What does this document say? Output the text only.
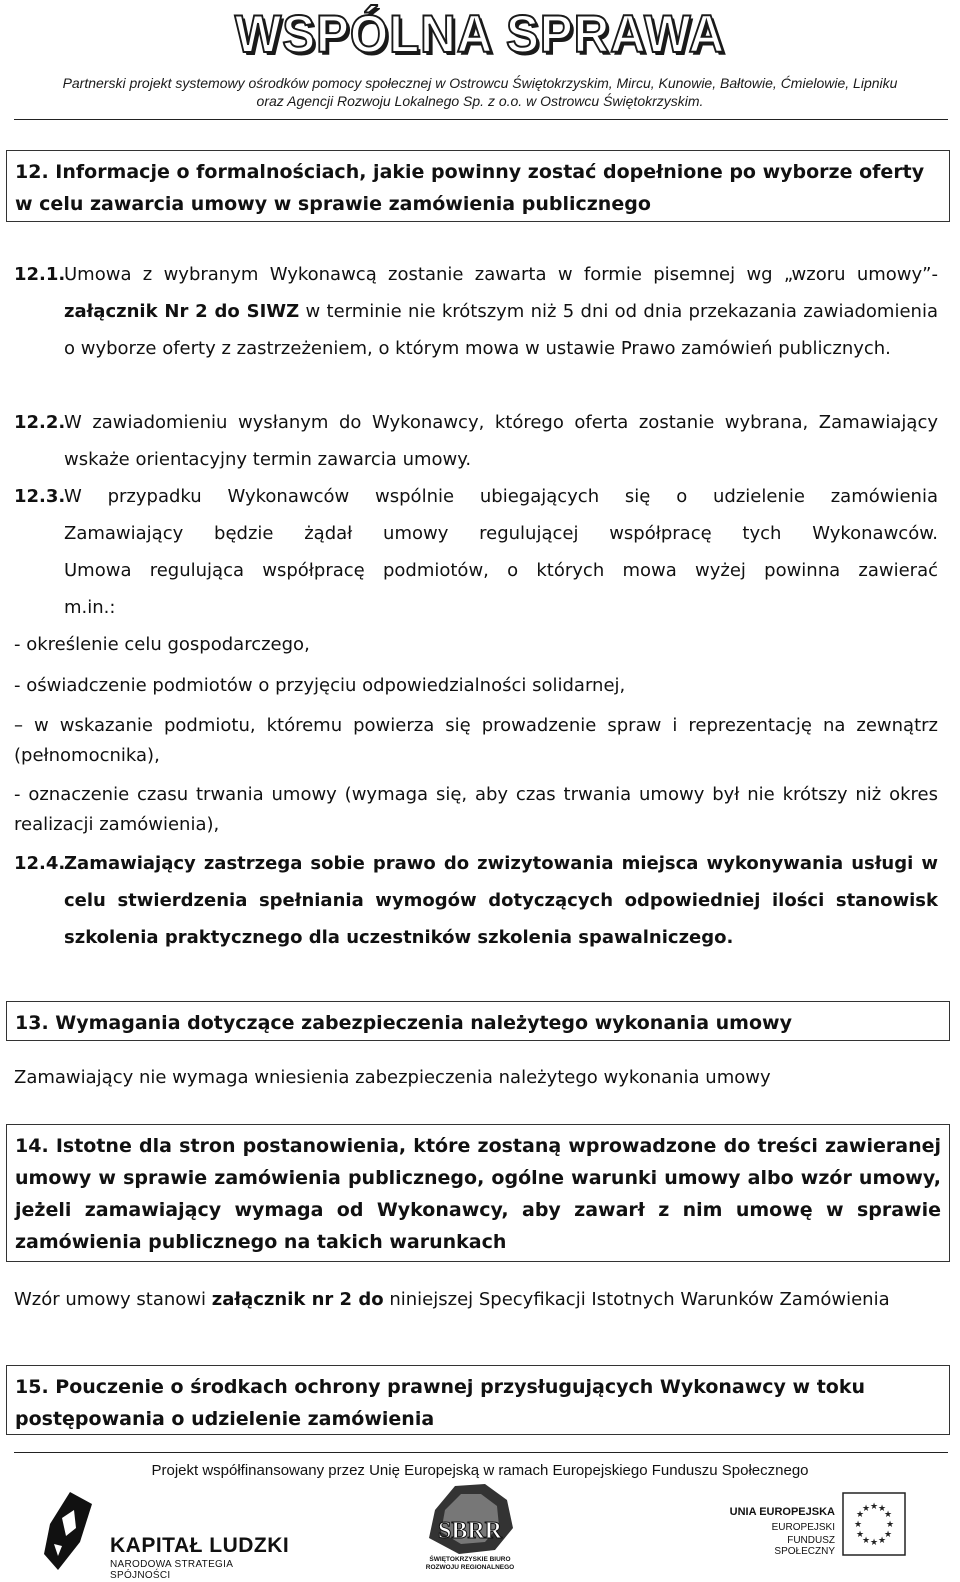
WSPÓLNA SPRAWA
Partnerski projekt systemowy ośrodków pomocy społecznej w Ostrowcu Świętokrzyskim, Mircu, Kunowie, Bałtowie, Ćmielowie, Lipniku
oraz Agencji Rozwoju Lokalnego Sp. z o.o. w Ostrowcu Świętokrzyskim.
12. Informacje o formalnościach, jakie powinny zostać dopełnione po wyborze oferty w celu zawarcia umowy w sprawie zamówienia publicznego
12.1.
Umowa z wybranym Wykonawcą zostanie zawarta w formie pisemnej wg „wzoru umowy”- załącznik Nr 2 do SIWZ w terminie nie krótszym niż 5 dni od dnia przekazania zawiadomienia o wyborze oferty z zastrzeżeniem, o którym mowa w ustawie Prawo zamówień publicznych.
12.2.
W zawiadomieniu wysłanym do Wykonawcy, którego oferta zostanie wybrana, Zamawiający wskaże orientacyjny termin zawarcia umowy.
12.3.
W przypadku Wykonawców wspólnie ubiegających się o udzielenie zamówienia
Zamawiający będzie żądał umowy regulującej współpracę tych Wykonawców.
Umowa regulująca współpracę podmiotów, o których mowa wyżej powinna zawierać
m.in.:
- określenie celu gospodarczego,
- oświadczenie podmiotów o przyjęciu odpowiedzialności solidarnej,
– w wskazanie podmiotu, któremu powierza się prowadzenie spraw i reprezentację na zewnątrz (pełnomocnika),
- oznaczenie czasu trwania umowy (wymaga się, aby czas trwania umowy był nie krótszy niż okres realizacji zamówienia),
12.4.
Zamawiający zastrzega sobie prawo do zwizytowania miejsca wykonywania usługi w celu stwierdzenia spełniania wymogów dotyczących odpowiedniej ilości stanowisk szkolenia praktycznego dla uczestników szkolenia spawalniczego.
13. Wymagania dotyczące zabezpieczenia należytego wykonania umowy
Zamawiający nie wymaga wniesienia zabezpieczenia należytego wykonania umowy
14. Istotne dla stron postanowienia, które zostaną wprowadzone do treści zawieranej umowy w sprawie zamówienia publicznego, ogólne warunki umowy albo wzór umowy, jeżeli zamawiający wymaga od Wykonawcy, aby zawarł z nim umowę w sprawie zamówienia publicznego na takich warunkach
Wzór umowy stanowi załącznik nr 2 do niniejszej Specyfikacji Istotnych Warunków Zamówienia
15. Pouczenie o środkach ochrony prawnej przysługujących Wykonawcy w toku postępowania o udzielenie zamówienia
Projekt współfinansowany przez Unię Europejską w ramach Europejskiego Funduszu Społecznego
KAPITAŁ LUDZKI
NARODOWA STRATEGIA SPÓJNOŚCI
SBRR
ŚWIĘTOKRZYSKIE BIURO
ROZWOJU REGIONALNEGO
UNIA EUROPEJSKA
EUROPEJSKI
FUNDUSZ SPOŁECZNY
★ ★
★
★
★
★
★
★
★
★
★
★
